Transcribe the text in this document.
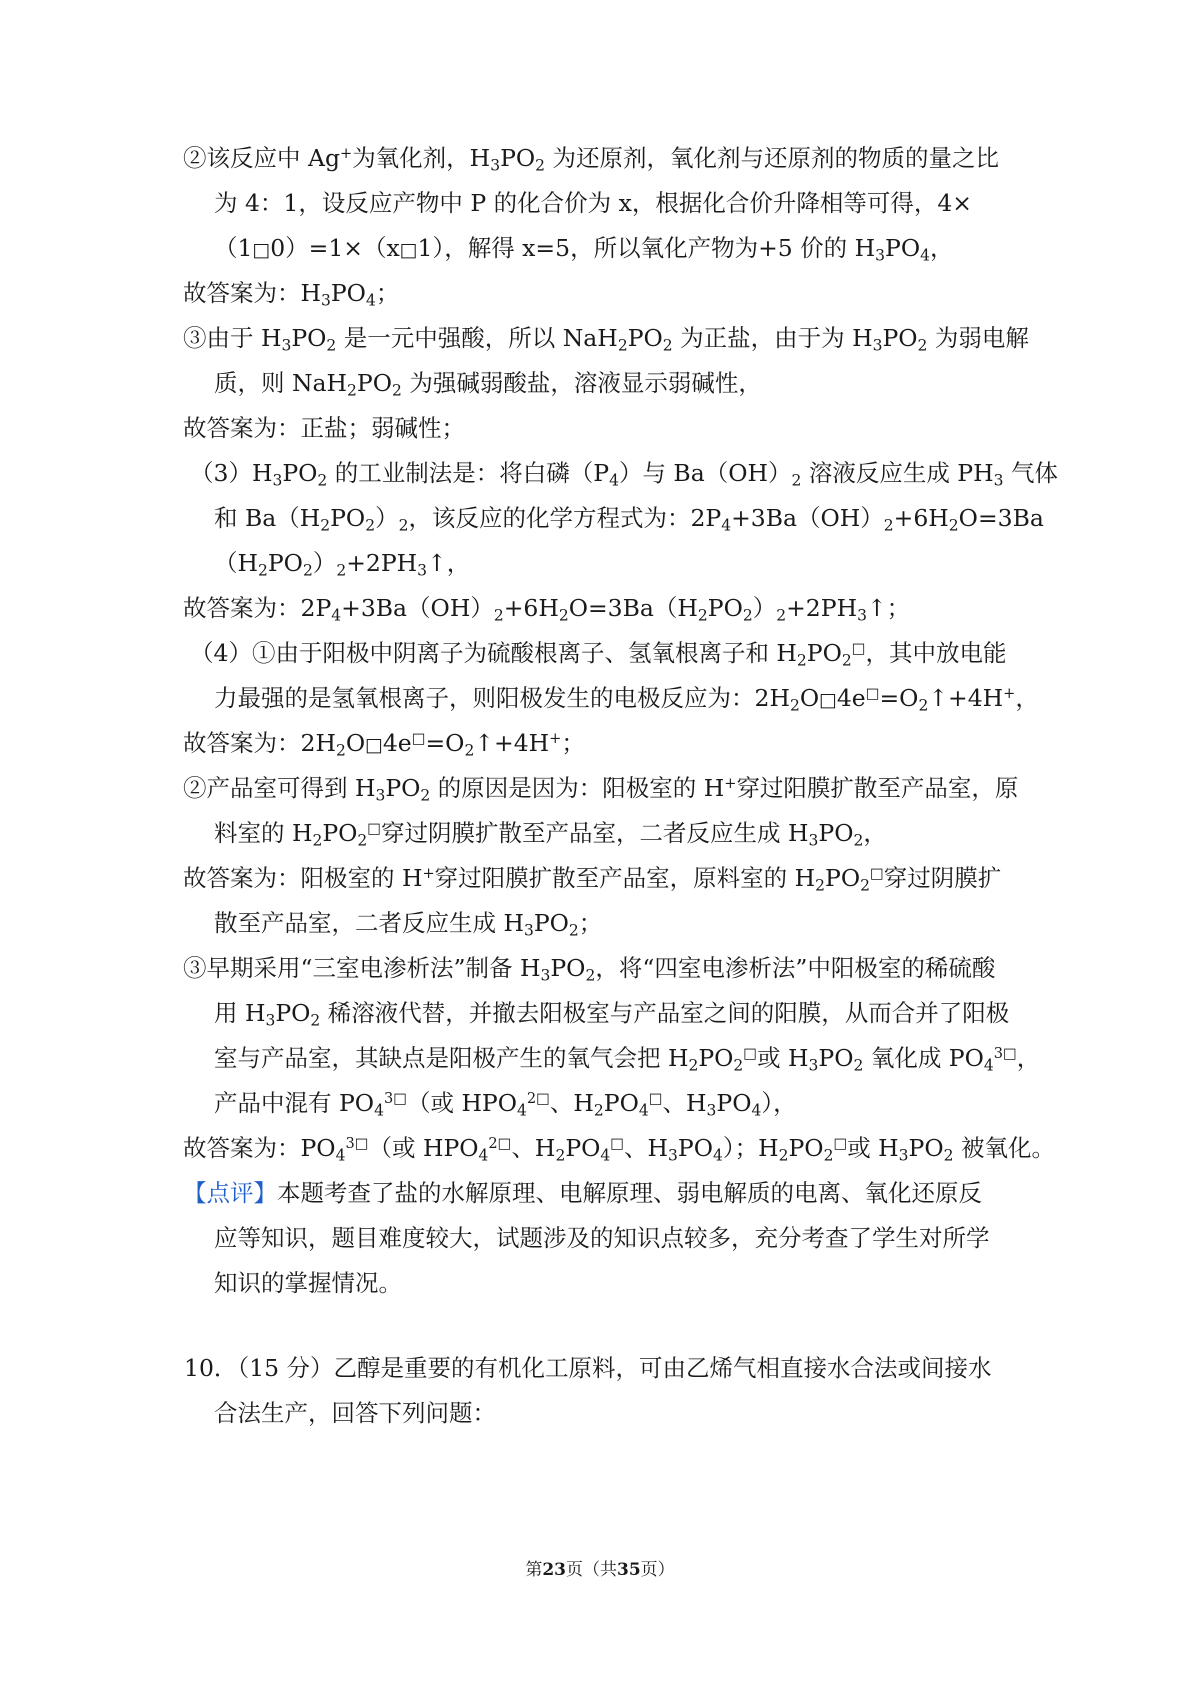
②该反应中 Ag+为氧化剂，$H_3PO_2$ 为还原剂，氧化剂与还原剂的物质的量之比
为 4：1，设反应产物中 P 的化合价为 x，根据化合价升降相等可得，4×
（1□0）=1×（x□1），解得 x=5，所以氧化产物为+5 价的 $H_3PO_4$，
故答案为：$H_3PO_4$；
③由于 $H_3PO_2$ 是一元中强酸，所以 $NaH_2PO_2$ 为正盐，由于为 $H_3PO_2$ 为弱电解
质，则 $NaH_2PO_2$ 为强碱弱酸盐，溶液显示弱碱性，
故答案为：正盐；弱碱性；
$(3)H_3PO_2$ 的工业制法是：将白磷$(P_4)$与 $Ba(OH)_2$ 溶液反应生成 $PH_3$ 气体
和 $Ba(H_2PO_2)_2$，该反应的化学方程式为：$2P_4+3Ba(OH)_2+6H_2O=3Ba$
$(H_2PO_2)_2+2PH_3↑$，
故答案为：$2P_4+3Ba(OH)_2+6H_2O=3Ba(H_2PO_2)_2+2PH_3↑$；
（4）①由于阳极中阴离子为硫酸根离子、氢氧根离子和 $H_2PO_2^□$，其中放电能
力最强的是氢氧根离子，则阳极发生的电极反应为：$2H_2O□4e^□=O_2↑+4H^+$，
故答案为：$2H_2O□4e^□=O_2↑+4H^+$；
②产品室可得到 $H_3PO_2$ 的原因是因为：阳极室的 H+穿过阳膜扩散至产品室，原
料室的 $H_2PO_2^□$穿过阴膜扩散至产品室，二者反应生成 $H_3PO_2$，
故答案为：阳极室的 H+穿过阳膜扩散至产品室，原料室的 $H_2PO_2^□$穿过阴膜扩
散至产品室，二者反应生成 $H_3PO_2$；
③早期采用“三室电渗析法”制备 $H_3PO_2$，将“四室电渗析法”中阳极室的稀硫酸
用 $H_3PO_2$ 稀溶液代替，并撤去阳极室与产品室之间的阳膜，从而合并了阳极
室与产品室，其缺点是阳极产生的氧气会把 $H_2PO_2^□$或 $H_3PO_2$ 氧化成 $PO_4^{3□}$，
产品中混有 $PO_4^{3□}$（或 $HPO_4^{2□}$、$H_2PO_4^□$、$H_3PO_4$），
故答案为：$PO_4^{3□}$（或 $HPO_4^{2□}$、$H_2PO_4^□$、$H_3PO_4$）；$H_2PO_2^□$或 $H_3PO_2$ 被氧化。
【点评】本题考查了盐的水解原理、电解原理、弱电解质的电离、氧化还原反
应等知识，题目难度较大，试题涉及的知识点较多，充分考查了学生对所学
知识的掌握情况。
10．（15 分）乙醇是重要的有机化工原料，可由乙烯气相直接水合法或间接水
合法生产，回答下列问题：
第23页（共35页）
